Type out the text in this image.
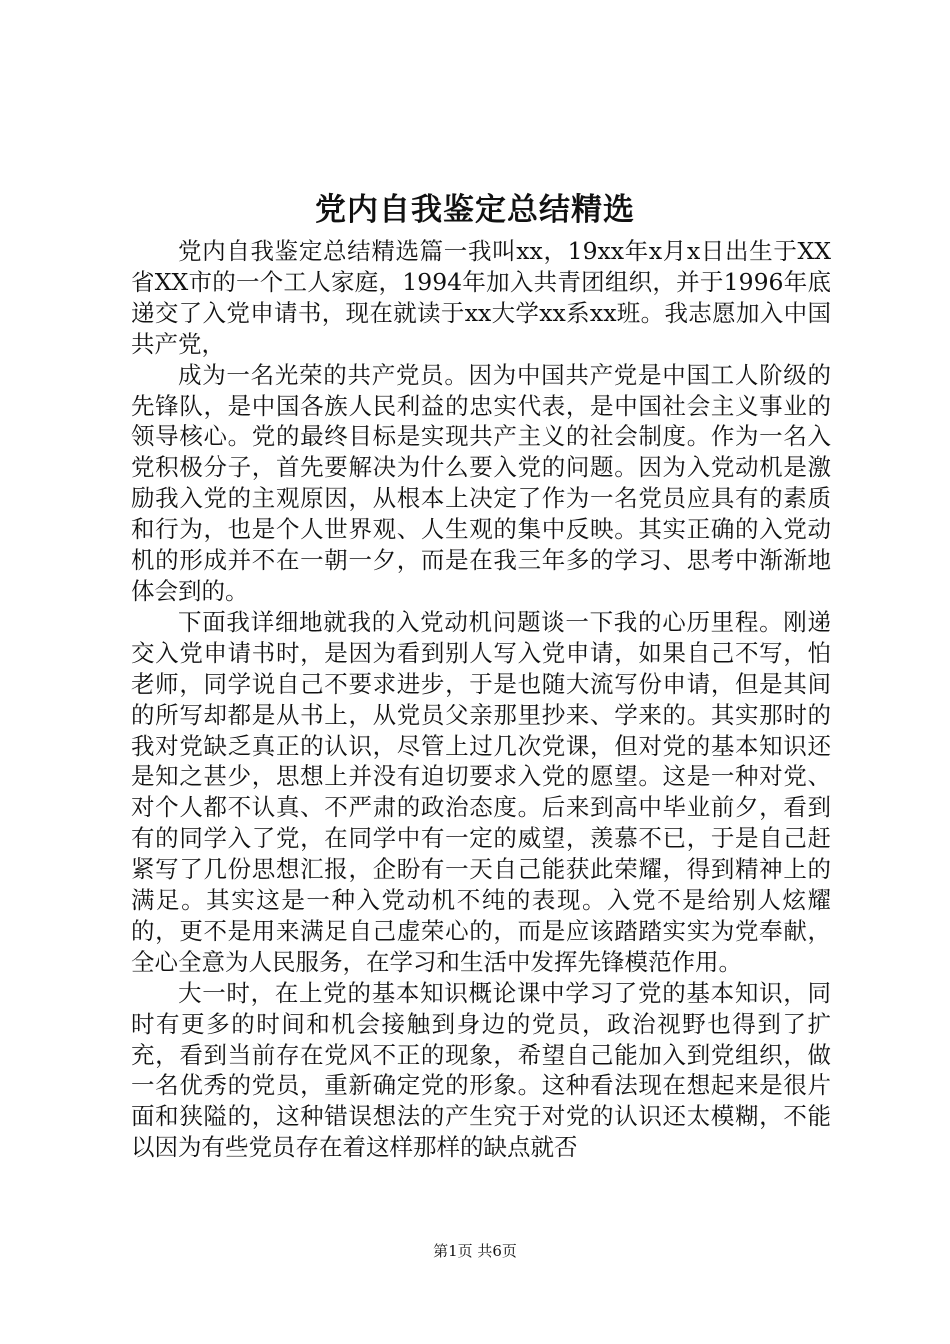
党内自我鉴定总结精选

党内自我鉴定总结精选篇一我叫xx，19xx年x月x日出生于XX省XX市的一个工人家庭，1994年加入共青团组织，并于1996年底递交了入党申请书，现在就读于xx大学xx系xx班。我志愿加入中国共产党，

成为一名光荣的共产党员。因为中国共产党是中国工人阶级的先锋队，是中国各族人民利益的忠实代表，是中国社会主义事业的领导核心。党的最终目标是实现共产主义的社会制度。作为一名入党积极分子，首先要解决为什么要入党的问题。因为入党动机是激励我入党的主观原因，从根本上决定了作为一名党员应具有的素质和行为，也是个人世界观、人生观的集中反映。其实正确的入党动机的形成并不在一朝一夕，而是在我三年多的学习、思考中渐渐地体会到的。

下面我详细地就我的入党动机问题谈一下我的心历里程。刚递交入党申请书时，是因为看到别人写入党申请，如果自己不写，怕老师，同学说自己不要求进步，于是也随大流写份申请，但是其间的所写却都是从书上，从党员父亲那里抄来、学来的。其实那时的我对党缺乏真正的认识，尽管上过几次党课，但对党的基本知识还是知之甚少，思想上并没有迫切要求入党的愿望。这是一种对党、对个人都不认真、不严肃的政治态度。后来到高中毕业前夕，看到有的同学入了党，在同学中有一定的威望，羡慕不已，于是自己赶紧写了几份思想汇报，企盼有一天自己能获此荣耀，得到精神上的满足。其实这是一种入党动机不纯的表现。入党不是给别人炫耀的，更不是用来满足自己虚荣心的，而是应该踏踏实实为党奉献，全心全意为人民服务，在学习和生活中发挥先锋模范作用。

大一时，在上党的基本知识概论课中学习了党的基本知识，同时有更多的时间和机会接触到身边的党员，政治视野也得到了扩充，看到当前存在党风不正的现象，希望自己能加入到党组织，做一名优秀的党员，重新确定党的形象。这种看法现在想起来是很片面和狭隘的，这种错误想法的产生究于对党的认识还太模糊，不能以因为有些党员存在着这样那样的缺点就否

第1页 共6页
